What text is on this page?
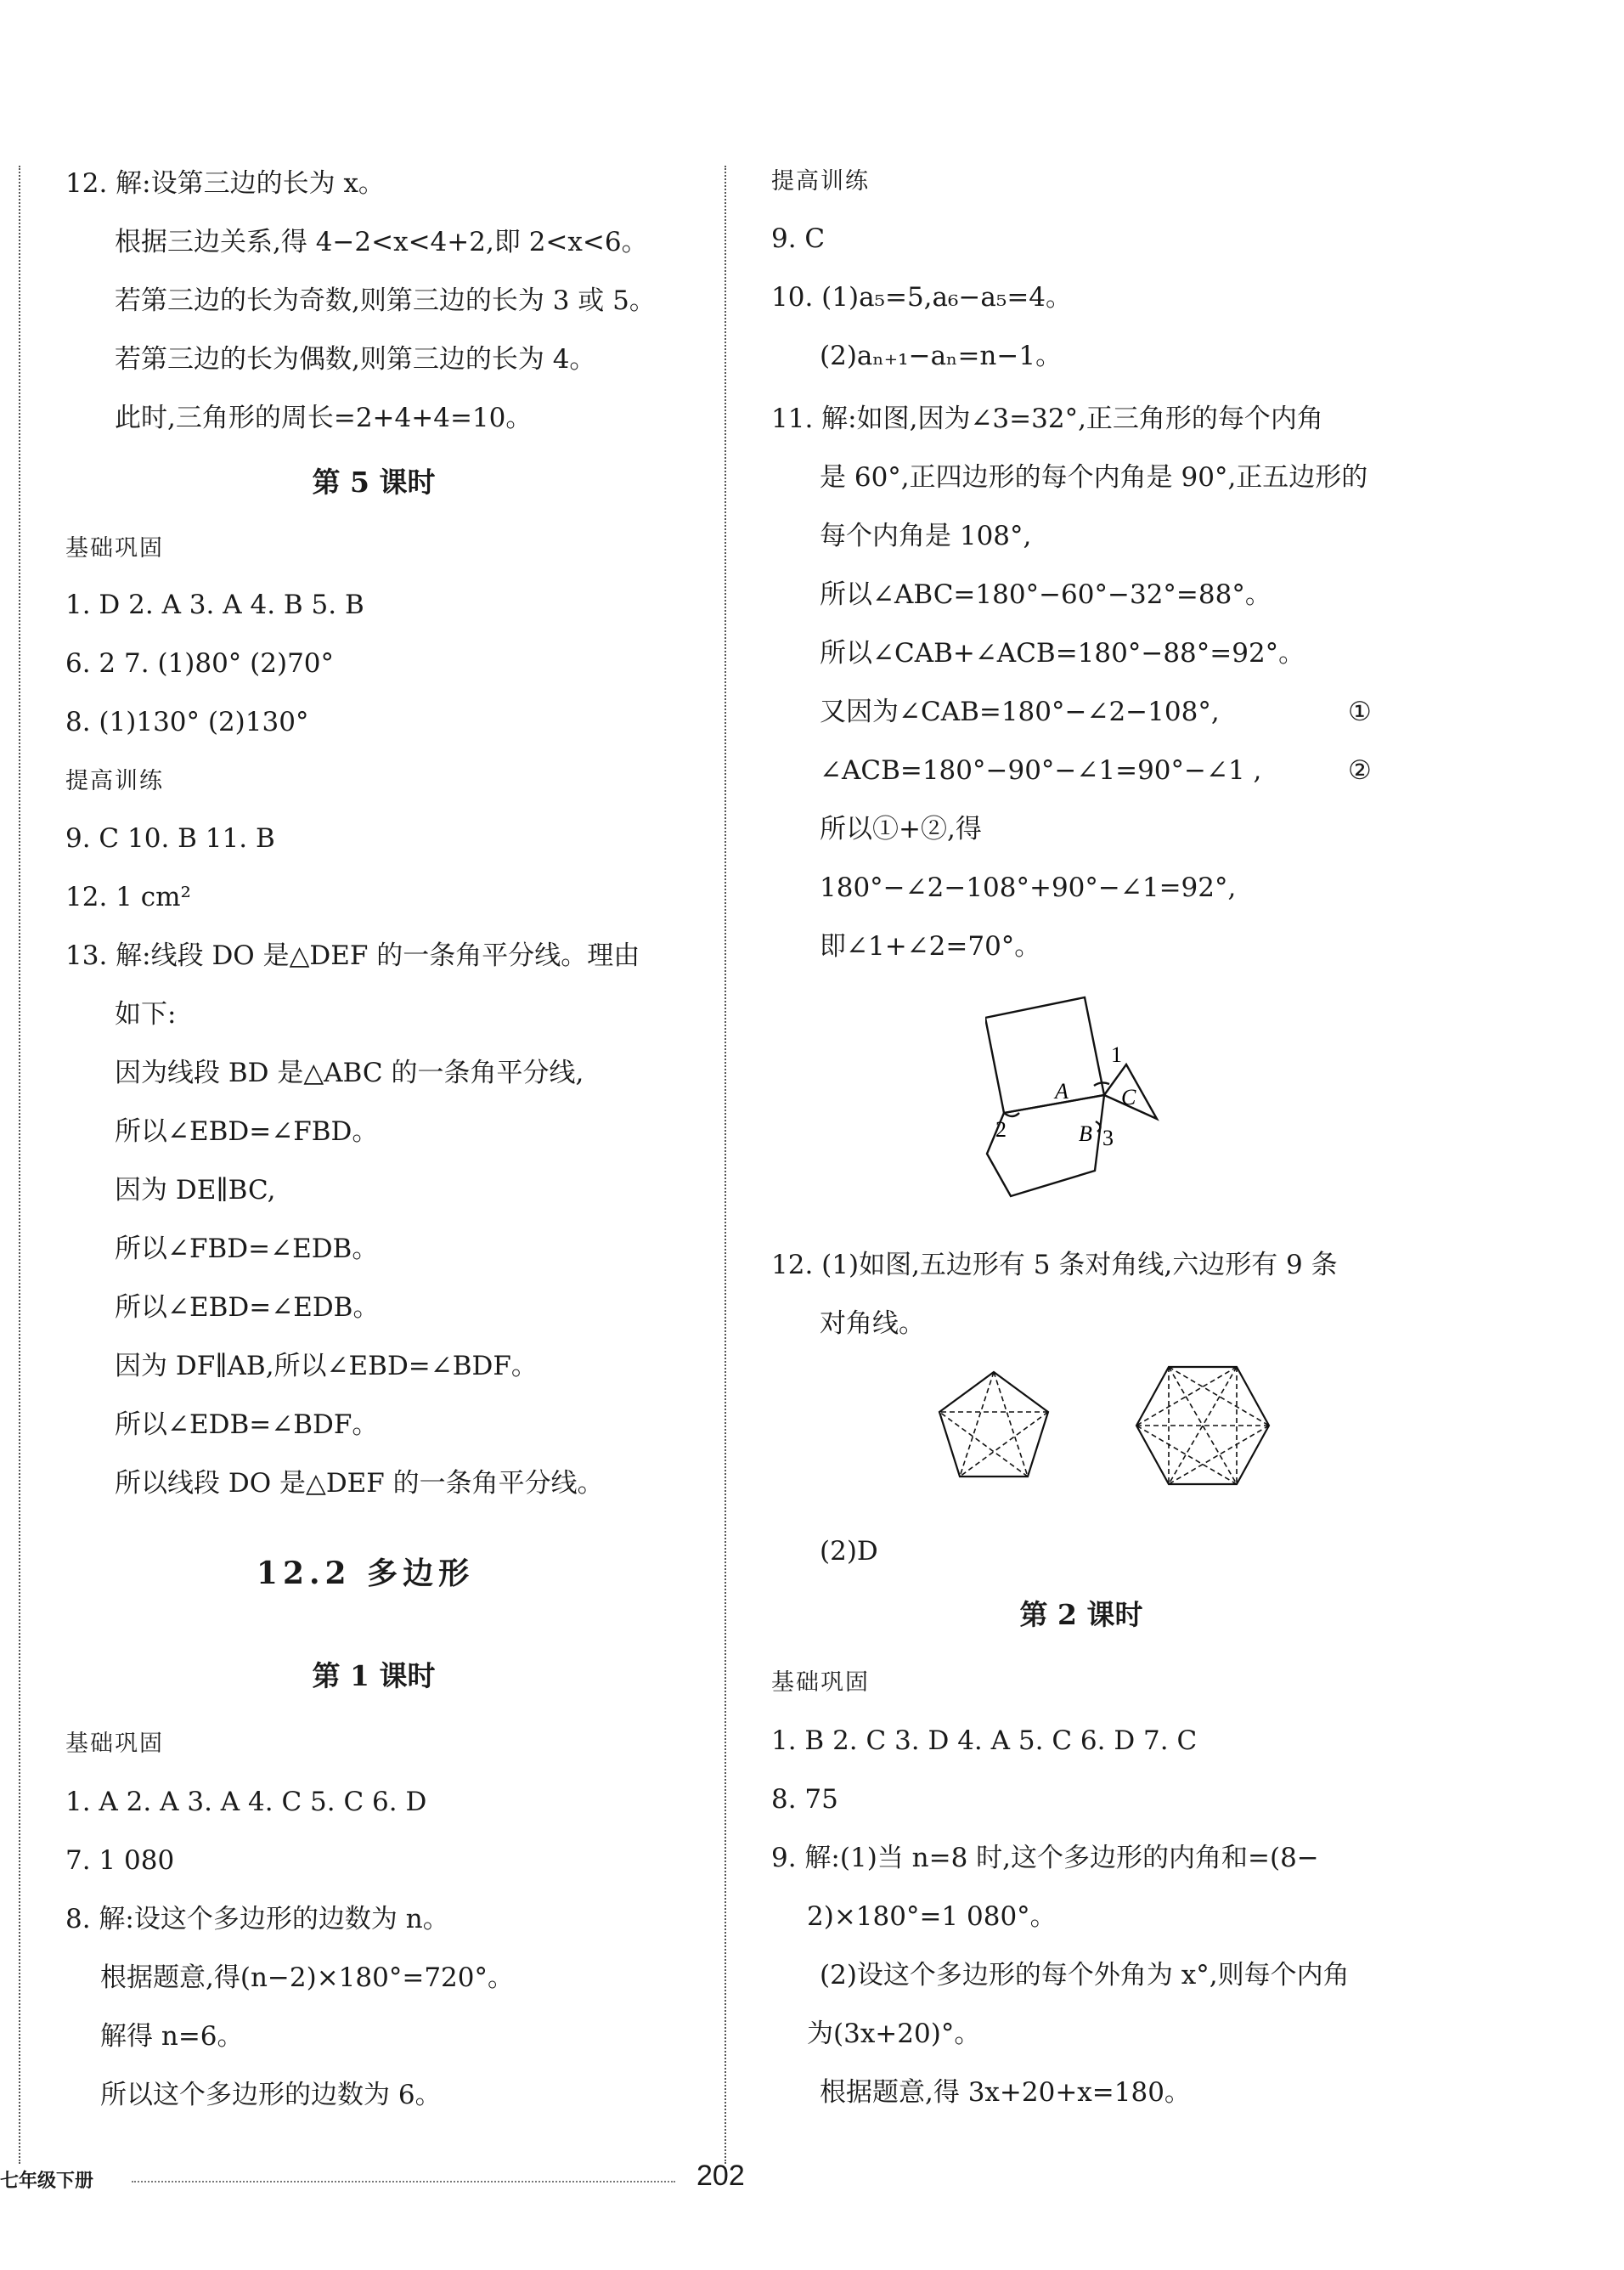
12. 解:设第三边的长为 x。
根据三边关系,得 4−2<x<4+2,即 2<x<6。
若第三边的长为奇数,则第三边的长为 3 或 5。
若第三边的长为偶数,则第三边的长为 4。
此时,三角形的周长=2+4+4=10。
第 5 课时
基础巩固
1. D 2. A 3. A 4. B 5. B
6. 2 7. (1)80° (2)70°
8. (1)130° (2)130°
提高训练
9. C 10. B 11. B
12. 1 cm²
13. 解:线段 DO 是△DEF 的一条角平分线。理由
如下:
因为线段 BD 是△ABC 的一条角平分线,
所以∠EBD=∠FBD。
因为 DE∥BC,
所以∠FBD=∠EDB。
所以∠EBD=∠EDB。
因为 DF∥AB,所以∠EBD=∠BDF。
所以∠EDB=∠BDF。
所以线段 DO 是△DEF 的一条角平分线。
12.2 多边形
第 1 课时
基础巩固
1. A 2. A 3. A 4. C 5. C 6. D
7. 1 080
8. 解:设这个多边形的边数为 n。
根据题意,得(n−2)×180°=720°。
解得 n=6。
所以这个多边形的边数为 6。
提高训练
9. C
10. (1)a₅=5,a₆−a₅=4。
(2)aₙ₊₁−aₙ=n−1。
11. 解:如图,因为∠3=32°,正三角形的每个内角
是 60°,正四边形的每个内角是 90°,正五边形的
每个内角是 108°,
所以∠ABC=180°−60°−32°=88°。
所以∠CAB+∠ACB=180°−88°=92°。
又因为∠CAB=180°−∠2−108°,	①
∠ACB=180°−90°−∠1=90°−∠1 ,	②
所以①+②,得
180°−∠2−108°+90°−∠1=92°,
即∠1+∠2=70°。
1
A C
2	B 3
12. (1)如图,五边形有 5 条对角线,六边形有 9 条
对角线。
(2)D
第 2 课时
基础巩固
1. B 2. C 3. D 4. A 5. C 6. D 7. C
8. 75
9. 解:(1)当 n=8 时,这个多边形的内角和=(8−
2)×180°=1 080°。
(2)设这个多边形的每个外角为 x°,则每个内角
为(3x+20)°。
根据题意,得 3x+20+x=180。
七年级下册	202
